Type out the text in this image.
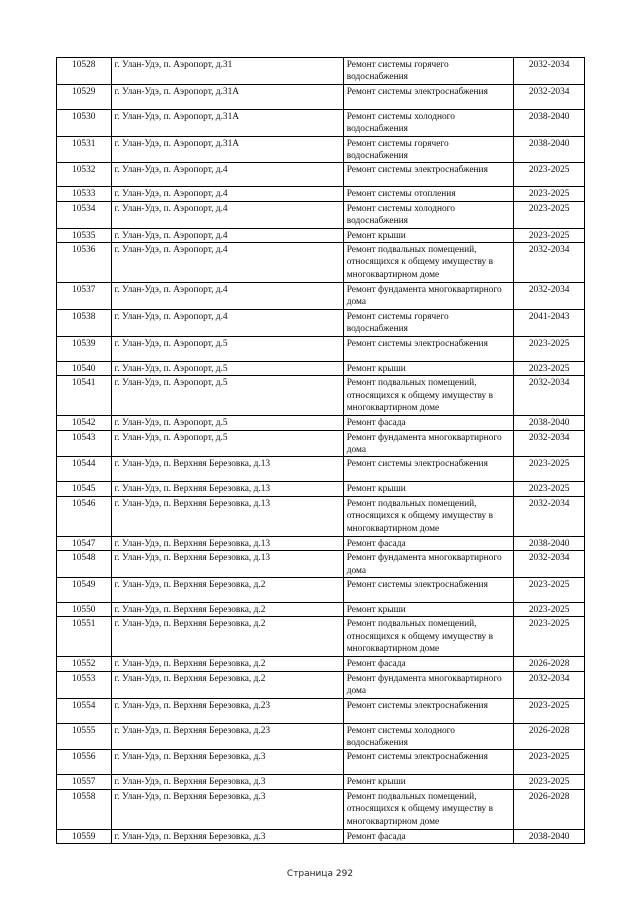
10528	г. Улан-Удэ, п. Аэропорт, д.31	Ремонт системы горячего водоснабжения	2032-2034
10529	г. Улан-Удэ, п. Аэропорт, д.31А	Ремонт системы электроснабжения	2032-2034
10530	г. Улан-Удэ, п. Аэропорт, д.31А	Ремонт системы холодного водоснабжения	2038-2040
10531	г. Улан-Удэ, п. Аэропорт, д.31А	Ремонт системы горячего водоснабжения	2038-2040
10532	г. Улан-Удэ, п. Аэропорт, д.4	Ремонт системы электроснабжения	2023-2025
10533	г. Улан-Удэ, п. Аэропорт, д.4	Ремонт системы отопления	2023-2025
10534	г. Улан-Удэ, п. Аэропорт, д.4	Ремонт системы холодного водоснабжения	2023-2025
10535	г. Улан-Удэ, п. Аэропорт, д.4	Ремонт крыши	2023-2025
10536	г. Улан-Удэ, п. Аэропорт, д.4	Ремонт подвальных помещений, относящихся к общему имуществу в многоквартирном доме	2032-2034
10537	г. Улан-Удэ, п. Аэропорт, д.4	Ремонт фундамента многоквартирного дома	2032-2034
10538	г. Улан-Удэ, п. Аэропорт, д.4	Ремонт системы горячего водоснабжения	2041-2043
10539	г. Улан-Удэ, п. Аэропорт, д.5	Ремонт системы электроснабжения	2023-2025
10540	г. Улан-Удэ, п. Аэропорт, д.5	Ремонт крыши	2023-2025
10541	г. Улан-Удэ, п. Аэропорт, д.5	Ремонт подвальных помещений, относящихся к общему имуществу в многоквартирном доме	2032-2034
10542	г. Улан-Удэ, п. Аэропорт, д.5	Ремонт фасада	2038-2040
10543	г. Улан-Удэ, п. Аэропорт, д.5	Ремонт фундамента многоквартирного дома	2032-2034
10544	г. Улан-Удэ, п. Верхняя Березовка, д.13	Ремонт системы электроснабжения	2023-2025
10545	г. Улан-Удэ, п. Верхняя Березовка, д.13	Ремонт крыши	2023-2025
10546	г. Улан-Удэ, п. Верхняя Березовка, д.13	Ремонт подвальных помещений, относящихся к общему имуществу в многоквартирном доме	2032-2034
10547	г. Улан-Удэ, п. Верхняя Березовка, д.13	Ремонт фасада	2038-2040
10548	г. Улан-Удэ, п. Верхняя Березовка, д.13	Ремонт фундамента многоквартирного дома	2032-2034
10549	г. Улан-Удэ, п. Верхняя Березовка, д.2	Ремонт системы электроснабжения	2023-2025
10550	г. Улан-Удэ, п. Верхняя Березовка, д.2	Ремонт крыши	2023-2025
10551	г. Улан-Удэ, п. Верхняя Березовка, д.2	Ремонт подвальных помещений, относящихся к общему имуществу в многоквартирном доме	2023-2025
10552	г. Улан-Удэ, п. Верхняя Березовка, д.2	Ремонт фасада	2026-2028
10553	г. Улан-Удэ, п. Верхняя Березовка, д.2	Ремонт фундамента многоквартирного дома	2032-2034
10554	г. Улан-Удэ, п. Верхняя Березовка, д.23	Ремонт системы электроснабжения	2023-2025
10555	г. Улан-Удэ, п. Верхняя Березовка, д.23	Ремонт системы холодного водоснабжения	2026-2028
10556	г. Улан-Удэ, п. Верхняя Березовка, д.3	Ремонт системы электроснабжения	2023-2025
10557	г. Улан-Удэ, п. Верхняя Березовка, д.3	Ремонт крыши	2023-2025
10558	г. Улан-Удэ, п. Верхняя Березовка, д.3	Ремонт подвальных помещений, относящихся к общему имуществу в многоквартирном доме	2026-2028
10559	г. Улан-Удэ, п. Верхняя Березовка, д.3	Ремонт фасада	2038-2040
Страница 292
